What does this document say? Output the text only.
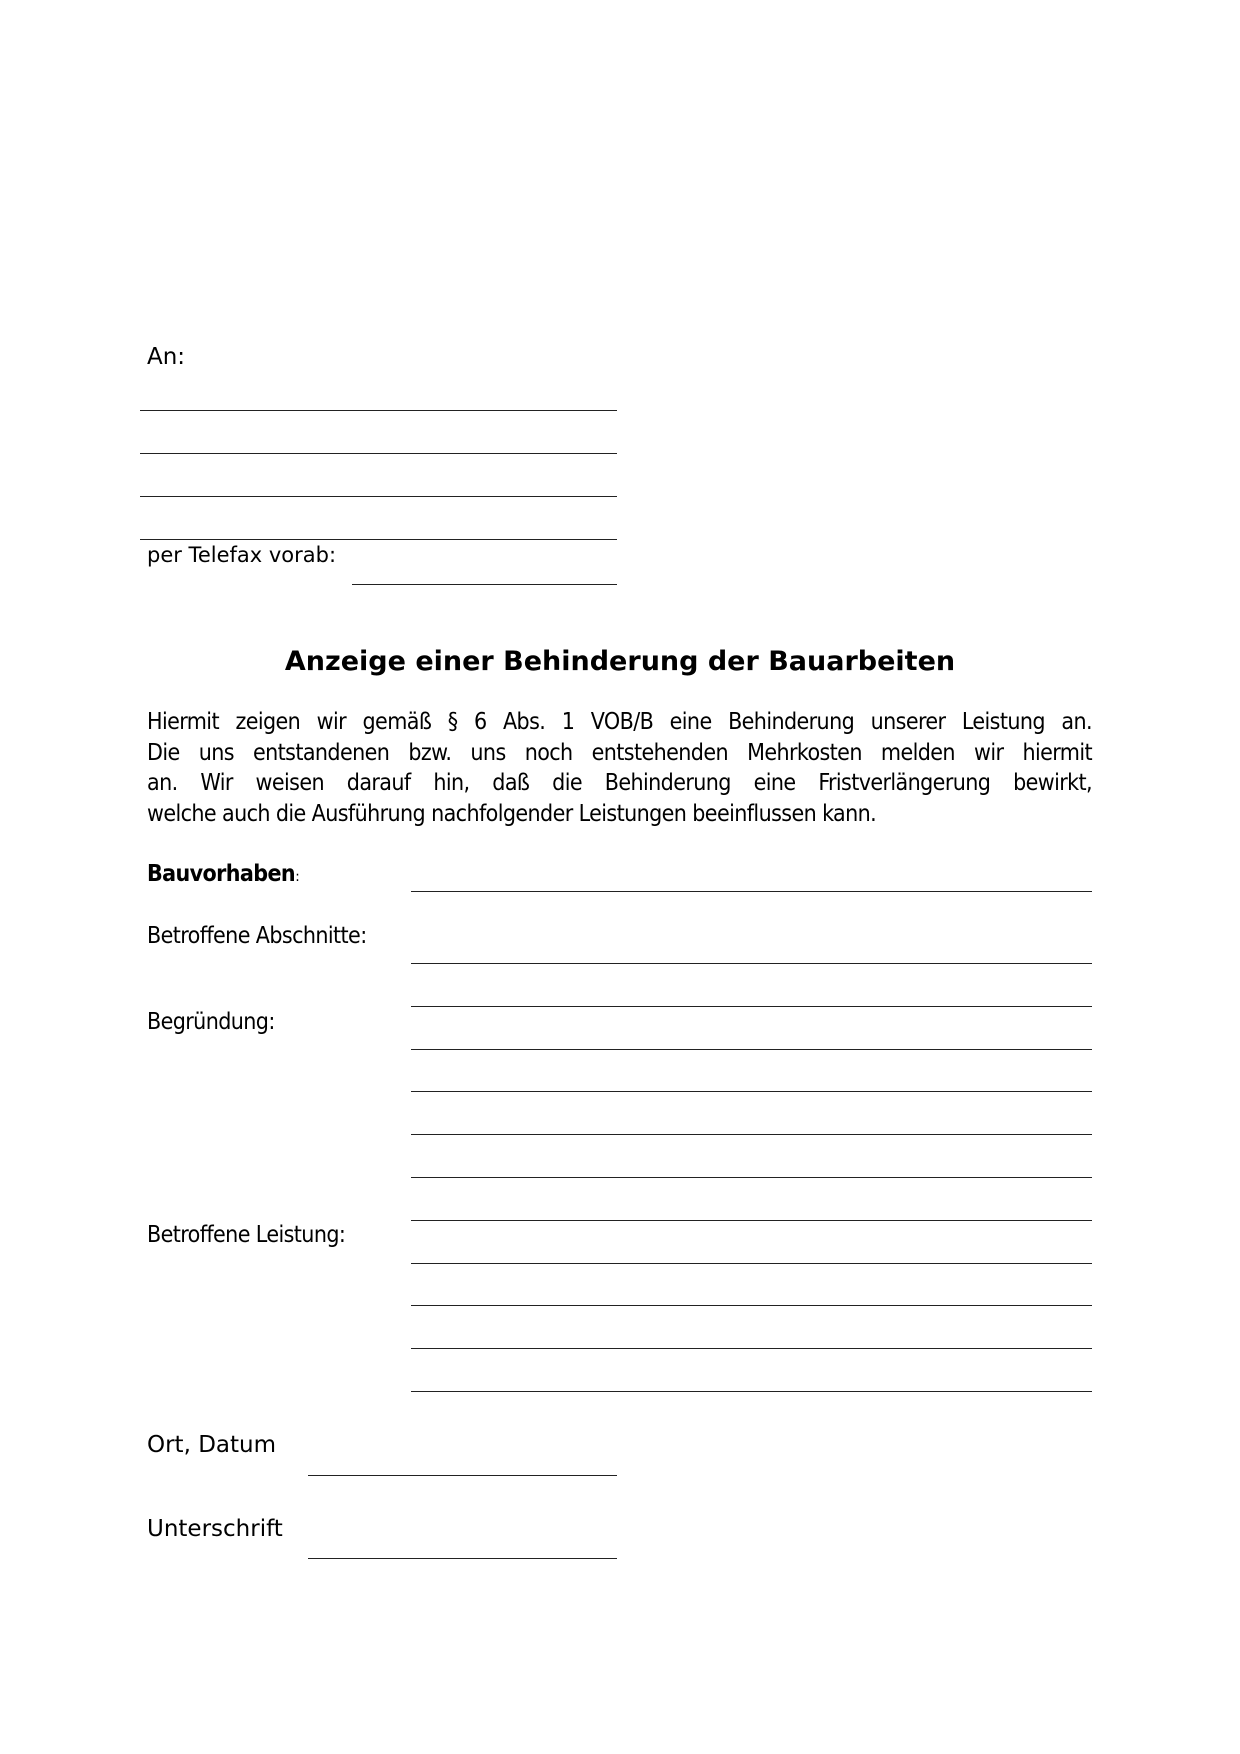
An:
per Telefax vorab:
Anzeige einer Behinderung der Bauarbeiten
Hiermit zeigen wir gemäß § 6 Abs. 1 VOB/B eine Behinderung unserer Leistung an.
Die uns entstandenen bzw. uns noch entstehenden Mehrkosten melden wir hiermit
an. Wir weisen darauf hin, daß die Behinderung eine Fristverlängerung bewirkt,
welche auch die Ausführung nachfolgender Leistungen beeinflussen kann.
Bauvorhaben:
Betroffene Abschnitte:
Begründung:
Betroffene Leistung:
Ort, Datum
Unterschrift
